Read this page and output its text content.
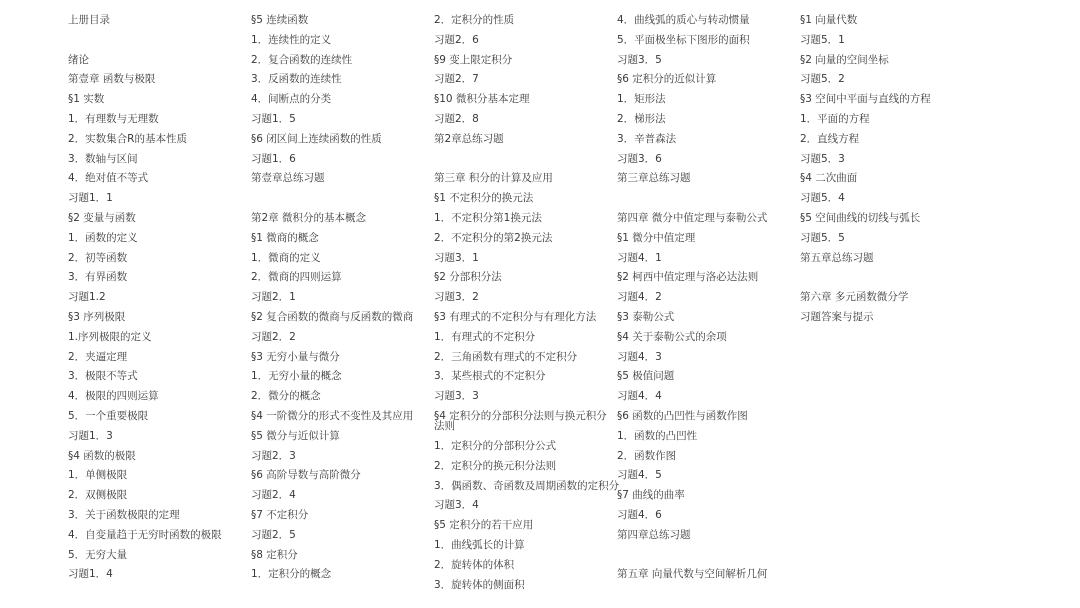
上册目录
绪论
第壹章 函数与极限
§1 实数
1．有理数与无理数
2．实数集合R的基本性质
3．数轴与区间
4．绝对值不等式
习题1．1
§2 变量与函数
1．函数的定义
2．初等函数
3．有界函数
习题1.2
§3 序列极限
1.序列极限的定义
2．夹逼定理
3．极限不等式
4．极限的四则运算
5．一个重要极限
习题1．3
§4 函数的极限
1．单侧极限
2．双侧极限
3．关于函数极限的定理
4．自变量趋于无穷时函数的极限
5．无穷大量
习题1．4
§5 连续函数
1．连续性的定义
2．复合函数的连续性
3．反函数的连续性
4．间断点的分类
习题1．5
§6 闭区间上连续函数的性质
习题1．6
第壹章总练习题
第2章 微积分的基本概念
§1 微商的概念
1．微商的定义
2．微商的四则运算
习题2．1
§2 复合函数的微商与反函数的微商
习题2．2
§3 无穷小量与微分
1．无穷小量的概念
2．微分的概念
§4 一阶微分的形式不变性及其应用
§5 微分与近似计算
习题2．3
§6 高阶导数与高阶微分
习题2．4
§7 不定积分
习题2．5
§8 定积分
1．定积分的概念
2．定积分的性质
习题2．6
§9 变上限定积分
习题2．7
§10 微积分基本定理
习题2．8
第2章总练习题
第三章 积分的计算及应用
§1 不定积分的换元法
1．不定积分第1换元法
2．不定积分的第2换元法
习题3．1
§2 分部积分法
习题3．2
§3 有理式的不定积分与有理化方法
1．有理式的不定积分
2．三角函数有理式的不定积分
3．某些根式的不定积分
习题3．3
§4 定积分的分部积分法则与换元积分法则
1．定积分的分部积分公式
2．定积分的换元积分法则
3．偶函数、奇函数及周期函数的定积分
习题3．4
§5 定积分的若干应用
1．曲线弧长的计算
2．旋转体的体积
3．旋转体的侧面积
4．曲线弧的质心与转动惯量
5．平面极坐标下图形的面积
习题3．5
§6 定积分的近似计算
1．矩形法
2．梯形法
3．辛普森法
习题3．6
第三章总练习题
第四章 微分中值定理与泰勒公式
§1 微分中值定理
习题4．1
§2 柯西中值定理与洛必达法则
习题4．2
§3 泰勒公式
§4 关于泰勒公式的余项
习题4．3
§5 极值问题
习题4．4
§6 函数的凸凹性与函数作图
1．函数的凸凹性
2．函数作图
习题4．5
§7 曲线的曲率
习题4．6
第四章总练习题
第五章 向量代数与空间解析几何
§1 向量代数
习题5．1
§2 向量的空间坐标
习题5．2
§3 空间中平面与直线的方程
1．平面的方程
2．直线方程
习题5．3
§4 二次曲面
习题5．4
§5 空间曲线的切线与弧长
习题5．5
第五章总练习题
第六章 多元函数微分学
习题答案与提示
